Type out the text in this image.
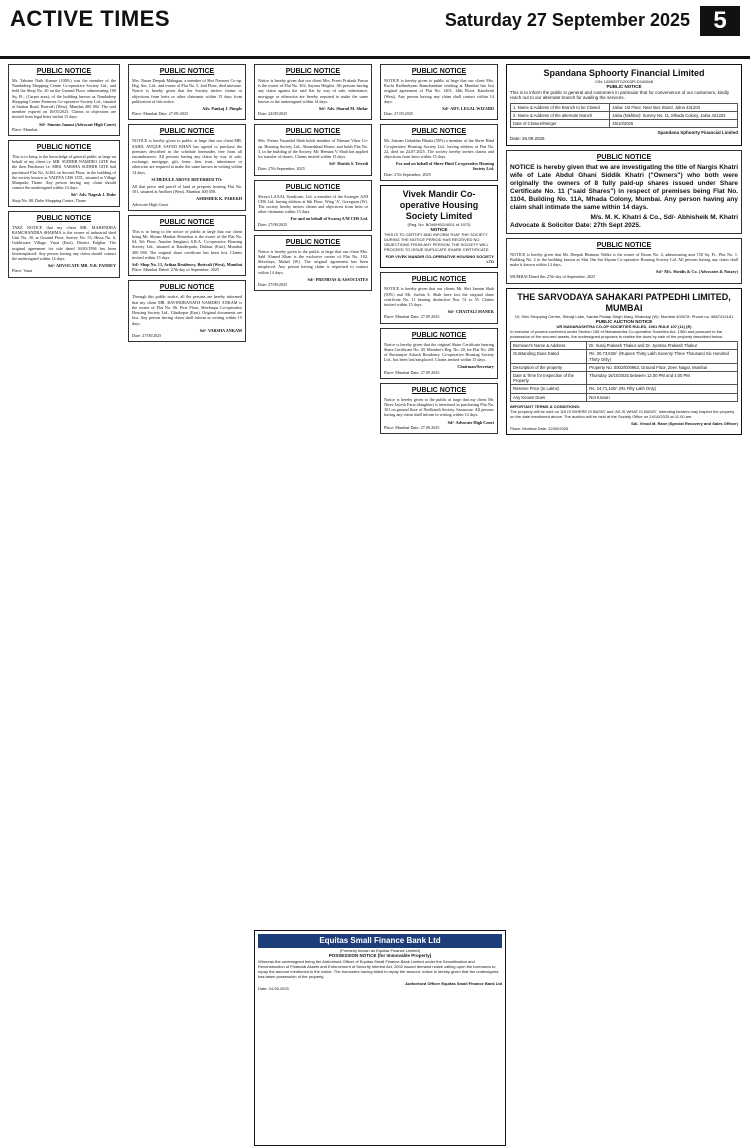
ACTIVE TIMES	Saturday 27 September 2025 5
PUBLIC NOTICE

Mr. Tahsino Nath Kumar (100%) was the member of the Nandadeep Shopping Centre Co-operative Society Ltd., and held the Shop No. 20 on the Ground Floor, admeasuring 100 Sq. Ft., (Carpet area), of the building known as Nandadeep Shopping Centre Premises Co-operative Society Ltd., situated at Station Road, Borivali (West), Mumbai 400 092. The said member expired on 10/05/2025. Claims or objections are invited from legal heirs within 15 days.

Sd/- Simran Janani (Advocate High Court)
Place: Mumbai
PUBLIC NOTICE

This is to bring to the knowledge of general public at large on behalf of my client i.e. MR. SUDHIR NAMDEO GITE that the then Purchaser i.e. MRS. VARSHA SUDHIR GITE had purchased Flat No. A/202 on Second Floor, in the building of the society known as VAIDYA CHS LTD., situated at Village Manpada, Thane. Any person having any claim should contact the undersigned within 14 days.

Sd/- Adv. Nagesh J. Dube
Shop No. 08, Dube Shopping Centre, Thane
PUBLIC NOTICE

TAKE NOTICE that my client MR. MAHENDRA RAMCHANDRA SHARMA is the owner of industrial shed Unit No. 30, at Ground Floor, Survey No. 53, Hissa No. 6, Gokhiware Village, Vasai (East), District Palghar. The original agreement for sale dated 04/03/1994 has been lost/misplaced. Any person having any claim should contact the undersigned within 14 days.

Sd/- ADVOCATE MR. N.R. PANDEY
Place: Vasai
PUBLIC NOTICE

Mrs. Nutan Deepak Mahagan, a member of Shri Navneet Co-op. Hsg. Soc. Ltd., and owner of Flat No. 5, 2nd Floor, died intestate. Notice is hereby given that the Society invites claims or objections from heirs or other claimants within 15 days from publication of this notice.

Adv. Pankaj J. Pimple
Place: Mumbai Date: 27-09-2025
PUBLIC NOTICE

NOTICE is hereby given to public at large that our client MR. SAHIL ATIQUE SAYED KHAN has agreed to purchase the premises described in the schedule hereunder, free from all encumbrances. All persons having any claim by way of sale, exchange, mortgage, gift, lease, lien, trust, inheritance or otherwise are required to make the same known in writing within 14 days.

SCHEDULE ABOVE REFERRED TO:

All that piece and parcel of land or property bearing Flat No. 101, situated at Andheri (West), Mumbai 400 058.

ASHISHEK K. PAREKH
Advocate High Court
PUBLIC NOTICE

This is to bring to the notice of public at large that our client being Mr. Shyam Mankar Shinrekar is the owner of the Flat No. 04, 5th Floor, Anuttar Sanghavi S.R.A. Co-operative Housing Society Ltd., situated at Kanderpada, Dahisar (East), Mumbai 400 068. The original share certificate has been lost. Claims invited within 15 days.

Sd/- Shop No. 13, Arihaa Residency, Borivali (West), Mumbai
Place: Mumbai Dated: 27th day of September, 2025
PUBLIC NOTICE

Through this public notice, all the persons are hereby informed that my client MR. RAVINDRANATH NAMDEO ANKAM is the owner of Flat No. 06, First Floor, Shivkrupa Co-operative Housing Society Ltd., Ghatkopar (East). Original documents are lost. Any person having claim shall inform in writing within 15 days.

Sd/- VARSHA ANKAM
Date: 27/09/2025
PUBLIC NOTICE

Notice is hereby given that our client Mrs. Preeti Prakash Pawar is the owner of Flat No. 302, Sayona Heights. All persons having any claim against the said flat by way of sale, inheritance, mortgage or otherwise are hereby required to make the same known to the undersigned within 14 days.

Sd/- Adv. Sharad M. Shelar
Date: 24/09/2025
PUBLIC NOTICE

Mrs. Prerna Vasantlal Shah holds member of Nirman Vihar Co-op. Housing Society Ltd., Ahmedabad House, and holds Flat No. 3, in the building of the Society. Mr. Hemant V. Shah has applied for transfer of shares. Claims invited within 15 days.

Sd/- Harish S. Trivedi
Date: 27th September, 2025
PUBLIC NOTICE

Shreya LAXAL Syndicate, Ltd. a member of the Swanger A/M CHS Ltd, having address at 6th Floor, Wing 'A', Goregaon (W). The society hereby invites claims and objections from heirs or other claimants within 15 days.

For and on behalf of Swaraj A/M CHS Ltd.
Date: 27/09/2025
PUBLIC NOTICE

Notice is hereby given to the public at large that our client Mrs. Sahl Ahmed Khan is the exclusive owner of Flat No. 102, Shivalaya, Malad (W). The original agreement has been misplaced. Any person having claim is requested to contact within 14 days.

Sd/- PREMDAS & ASSOCIATES
Date: 27/09/2025
PUBLIC NOTICE

NOTICE is hereby given to public at large that our client Mrs. Ruchi Radheshyam Ramchandani residing at Mumbai has lost original agreement of Flat No. 1401, 14th Floor, Kandivali (West). Any person having any claim shall contact within 14 days.

Sd/- ADV. LEGAL WIZARD
Date: 27.09.2025
PUBLIC NOTICE

Mr. Jotiram Gokuldas Bhatia (50%) a member of the Shree Hind Co-operative Housing Society Ltd., having address at Flat No. 22, died on 24.07.2025. The society hereby invites claims and objections from heirs within 15 days.

For and on behalf of Shree Hind Co-operative Housing Society Ltd.
Date: 27th September, 2025
Vivek Mandir Co-operative Housing Society Limited
(Reg. No. BOM/HSG/4001 of 1972)
NOTICE
THIS IS TO CERTIFY AND INFORM THAT THE SOCIETY DURING THE NOTICE PERIOD HAS RECEIVED NO OBJECTIONS FROM ANY PERSON. THE SOCIETY WILL PROCEED TO ISSUE DUPLICATE SHARE CERTIFICATE.
FOR VIVEK MANDIR CO-OPERATIVE HOUSING SOCIETY LTD
PUBLIC NOTICE

NOTICE is hereby given that our clients Mr. Shri Jasmin Shah (50%) and Mr. Sachin S. Shah have lost the original share certificate No. 11 bearing distinctive Nos. 51 to 55. Claims invited within 15 days.

Sd/- CHAITALI MANEK
Place: Mumbai Date: 27.09.2025
PUBLIC NOTICE

Notice is hereby given that the original Share Certificate bearing Share Certificate No. 20, Member's Reg. No. 20, for Flat No. 206 of Rustomjee Adarsh Residency Co-operative Housing Society Ltd., has been lost/misplaced. Claims invited within 15 days.

Chairman/Secretary
Place: Mumbai Date: 27.09.2025
PUBLIC NOTICE

Notice is hereby given to the public at large that my client Mr. Nirav Jayesh Faria (daughter) is interested in purchasing Flat No. 101 on ground floor of Neelkanth Society, Santacruz. All persons having any claim shall inform in writing within 14 days.

Sd/- Advocate High Court
Place: Mumbai Date: 27.09.2025
Spandana Sphoorty Financial Limited
CIN: L65929TG2003PLC040648
PUBLIC NOTICE
This is to inform the public in general and customers in particular that for convenience of our customers, kindly reach out to our alternate branch for availing the services.
1. Name & Address of the Branch to be Closed	Jalna: 1st Floor, Near Bus Stand, Jalna 431203
2. Name & Address of the alternate branch	Jalna (Nishkar): Survey No. 11, Mhada Colony, Jalna 431203
Date of Closure/Merger	25/10/2025
Spandana Sphoorty Financial Limited
Date: 26.09.2025
PUBLIC NOTICE

NOTICE is hereby given that we are investigating the title of Nargis Khatri wife of Late Abdul Ghani Siddik Khatri ("Owners") who both were originally the owners of 8 fully paid-up shares issued under Share Certificate No. 11 ("said Shares") in respect of premises being Flat No. 1104, Building No. 11A, Mhada Colony, Mumbai. Any person having any claim shall intimate the same within 14 days.

M/s. M. K. Khatri & Co., Sd/- Abhisheik M. Khatri
Advocate & Solicitor Date: 27th Sept 2025.
PUBLIC NOTICE

NOTICE is hereby given that Mr. Deepak Bhimrao Walke is the owner of Room No. 4, admeasuring area 150 Sq. Ft., Plot No. 1, Building No. 2 in the building known as Shri Om Sai Shyam Co-operative Housing Society Ltd. All persons having any claim shall make it known within 14 days.

Sd/- M/s. Shridis & Co. (Advocates & Notary)
MUMBAI Dated this 27th day of September, 2025
THE SARVODAYA SAHAKARI PATPEDHI LIMITED, MUMBAI
19, Shiv Shopping Centre, Shivaji Lake, Sardar Pratap Singh Marg, Bhandup (W), Mumbai 400078. Phone no. 9867412181
PUBLIC AUCTION NOTICE
UR MAHARASHTRA CO-OP SOCIETIES RULES, 1961 RULE 107 (11) (E)
In exercise of powers conferred under Section 156 of Maharashtra Co-operative Societies Act, 1960 and pursuant to the possession of the secured assets, the undersigned proposes to realise the dues by sale of the property described below.
Borrower's Name & Address	Dr. Suraj Prakash Thakur and Dr. Jyotsna Prakash Thakur
Outstanding Dues Dated	Rs. 30,73,630/- (Rupees Thirty Lakh Seventy Three Thousand Six Hundred Thirty Only)
Description of the property	Property No. 0002/E00963, Ground Floor, Zeen Nagar, Mumbai
Date & Time for Inspection of the Property	Thursday 16/10/2025 between 12.00 PM and 4.00 PM
Reserve Price (In Lakhs)	Rs. 24,71,100/- (Rs Fifty Lakh Only)
Any Known Dues	Not Known
IMPORTANT TERMS & CONDITIONS:
The property will be sold on 'AS IS WHERE IS BASIS' and 'AS IS WHAT IS BASIS'. Intending bidders may inspect the property on the date mentioned above. The auction will be held at the Society Office on 24/10/2025 at 11.00 am.
Sd/- Vinod M. Rane (Special Recovery and Sales Officer)
Place: Mumbai Date: 22/09/2025
Equitas Small Finance Bank Ltd
(Formerly known as Equitas Finance Limited)
POSSESSION NOTICE (for Immovable Property)
Whereas the undersigned being the Authorised Officer of Equitas Small Finance Bank Limited under the Securitisation and Reconstruction of Financial Assets and Enforcement of Security Interest Act, 2002 issued demand notice calling upon the borrowers to repay the amount mentioned in the notice. The borrowers having failed to repay the amount, notice is hereby given that the undersigned has taken possession of the property.
Authorised Officer Equitas Small Finance Bank Ltd
Date: 24.09.2025
